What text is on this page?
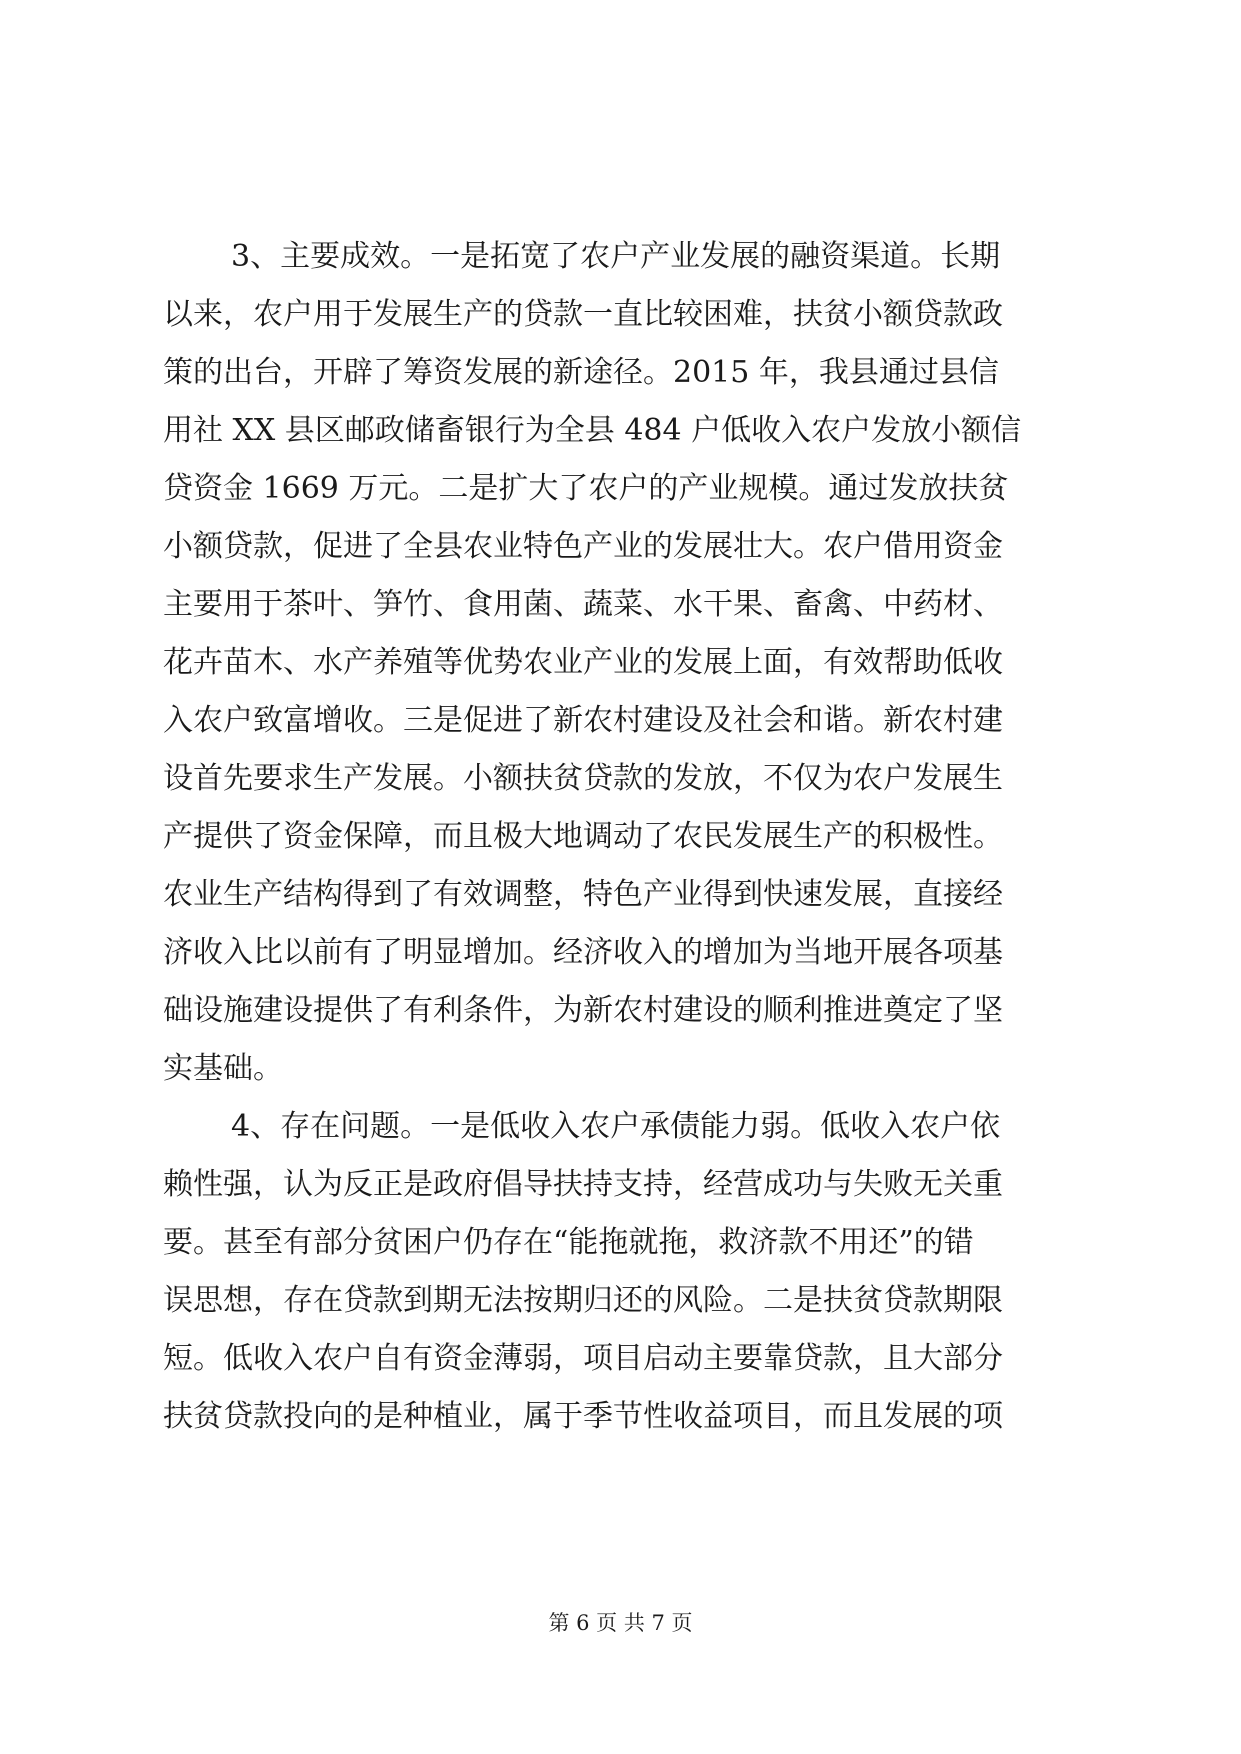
3、主要成效。一是拓宽了农户产业发展的融资渠道。长期
以来，农户用于发展生产的贷款一直比较困难，扶贫小额贷款政
策的出台，开辟了筹资发展的新途径。2015 年，我县通过县信
用社 XX 县区邮政储畜银行为全县 484 户低收入农户发放小额信
贷资金 1669 万元。二是扩大了农户的产业规模。通过发放扶贫
小额贷款，促进了全县农业特色产业的发展壮大。农户借用资金
主要用于茶叶、笋竹、食用菌、蔬菜、水干果、畜禽、中药材、
花卉苗木、水产养殖等优势农业产业的发展上面，有效帮助低收
入农户致富增收。三是促进了新农村建设及社会和谐。新农村建
设首先要求生产发展。小额扶贫贷款的发放，不仅为农户发展生
产提供了资金保障，而且极大地调动了农民发展生产的积极性。
农业生产结构得到了有效调整，特色产业得到快速发展，直接经
济收入比以前有了明显增加。经济收入的增加为当地开展各项基
础设施建设提供了有利条件，为新农村建设的顺利推进奠定了坚
实基础。
4、存在问题。一是低收入农户承债能力弱。低收入农户依
赖性强，认为反正是政府倡导扶持支持，经营成功与失败无关重
要。甚至有部分贫困户仍存在“能拖就拖，救济款不用还”的错
误思想，存在贷款到期无法按期归还的风险。二是扶贫贷款期限
短。低收入农户自有资金薄弱，项目启动主要靠贷款，且大部分
扶贫贷款投向的是种植业，属于季节性收益项目，而且发展的项
第 6 页 共 7 页
